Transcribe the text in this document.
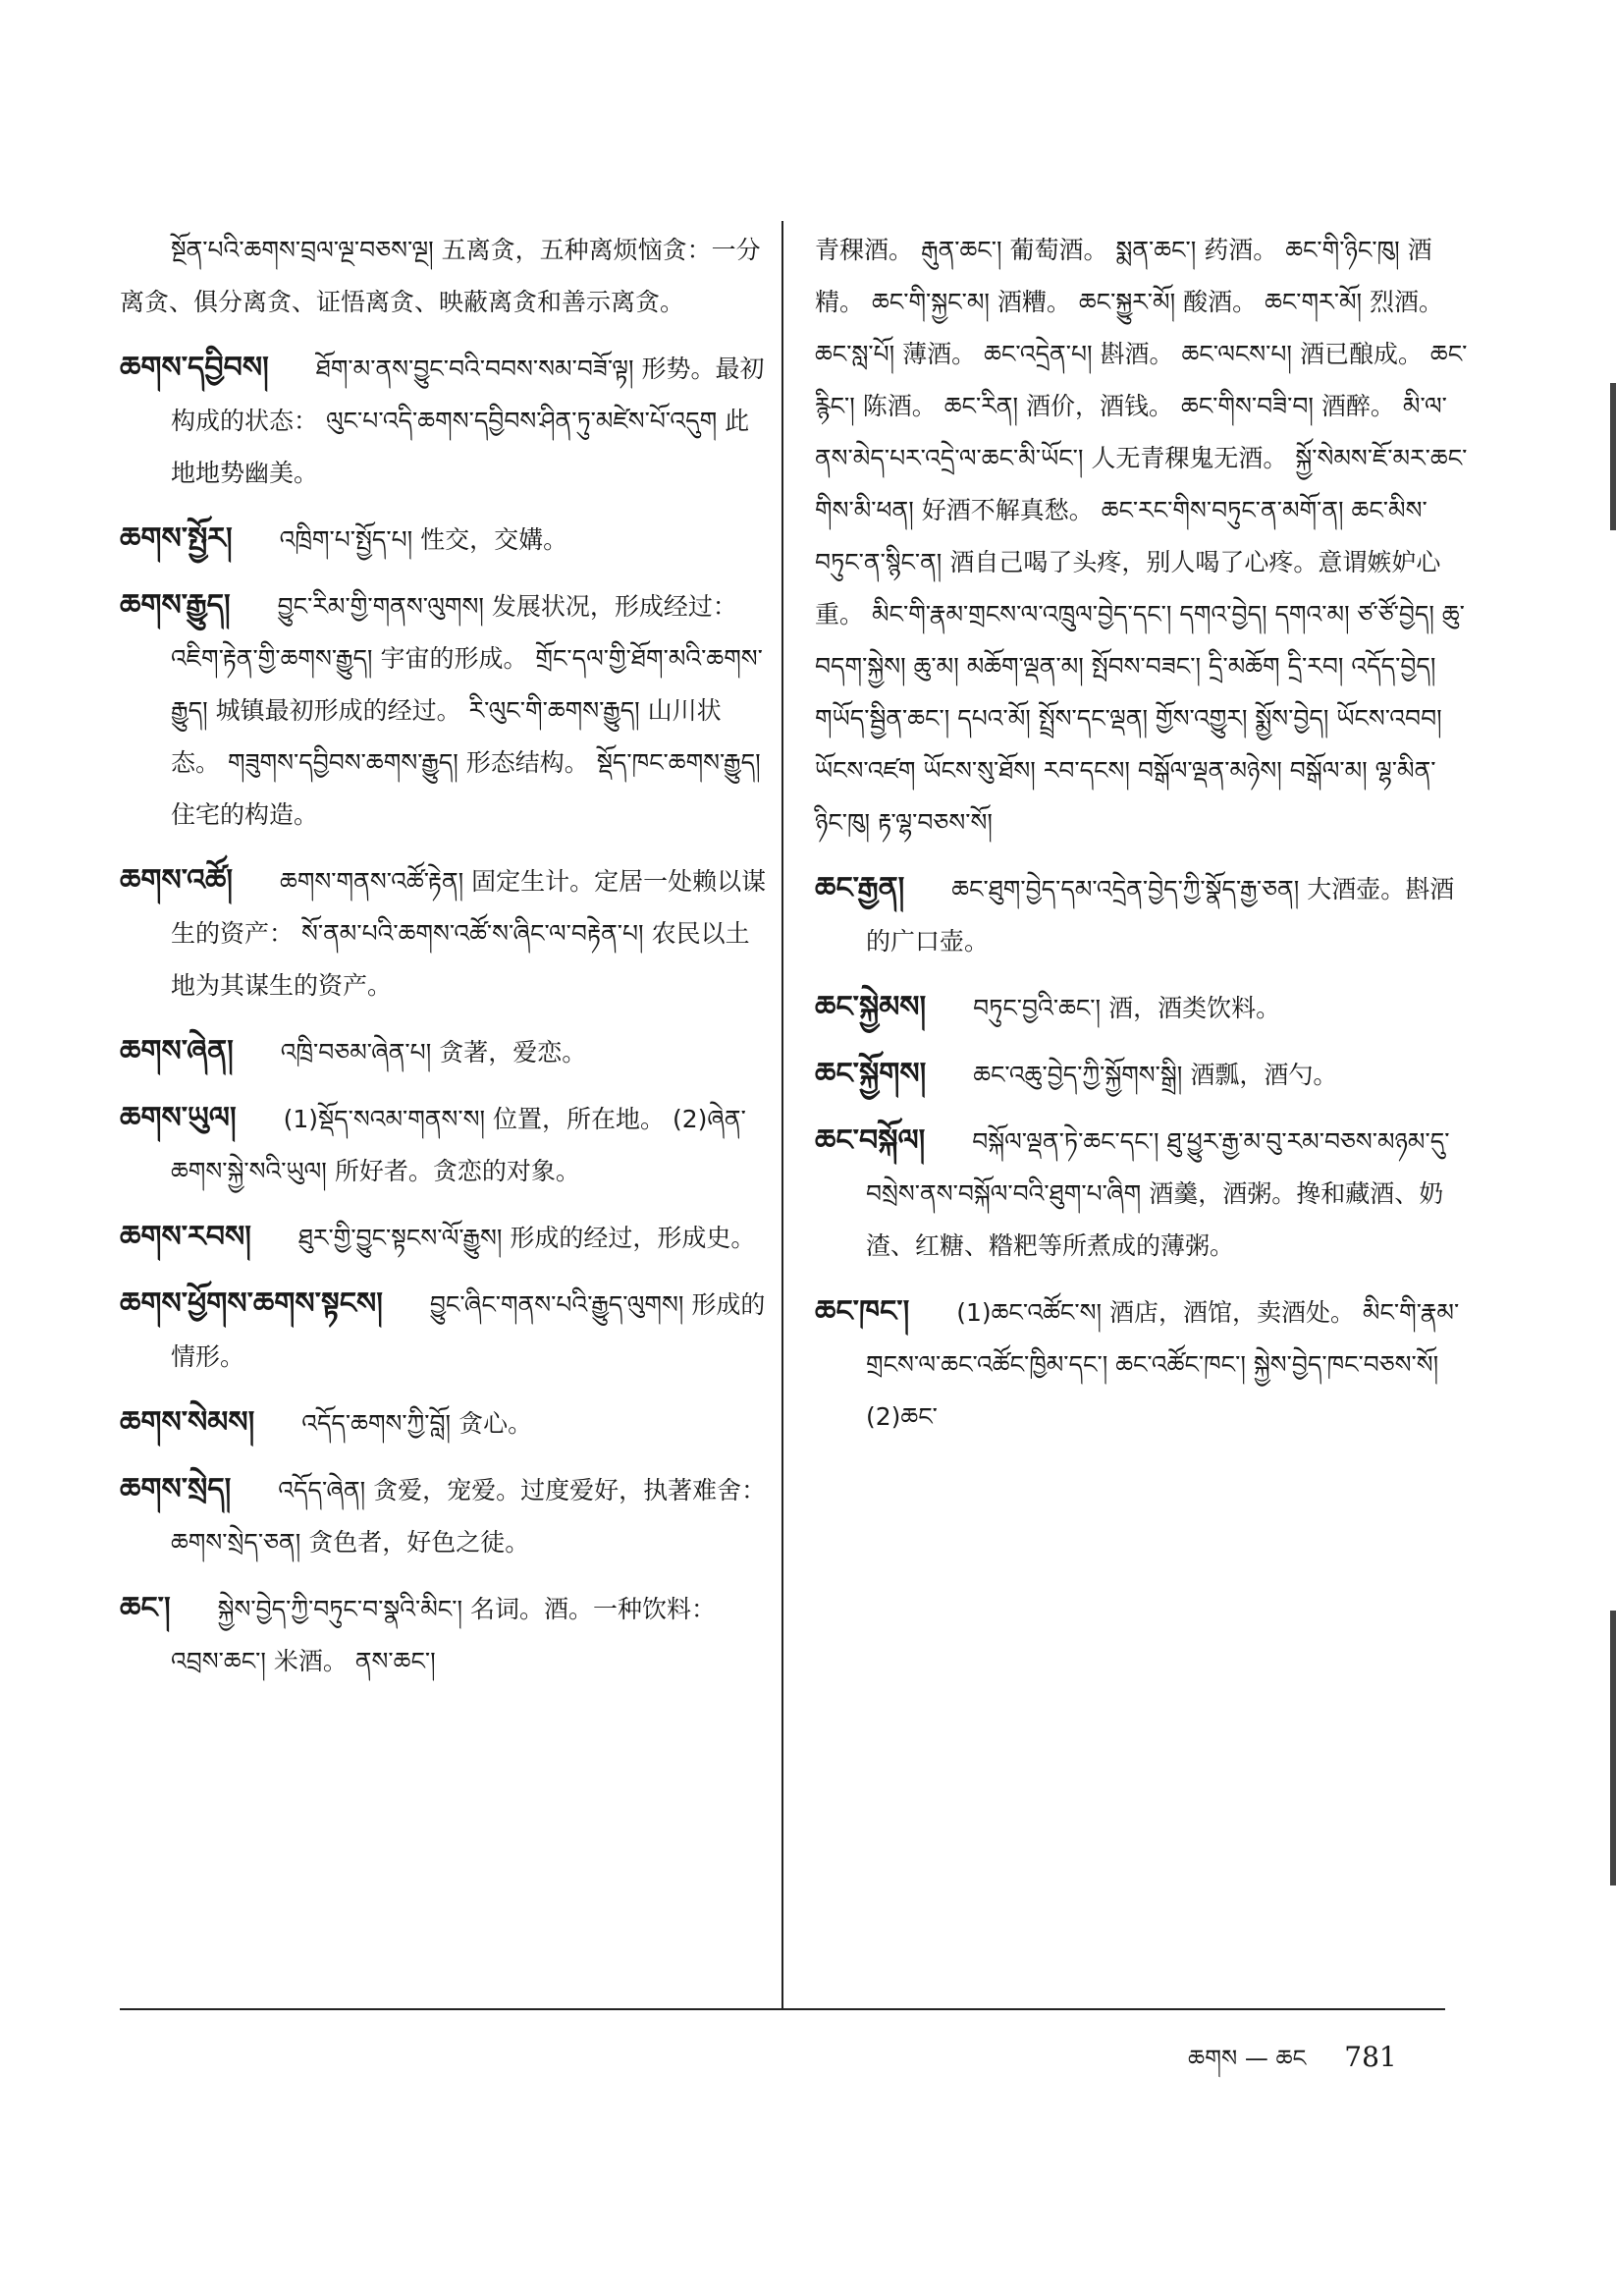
སྔོན་པའི་ཆགས་བྲལ་ལྔ་བཅས་ལྔ། 五离贪，五种离烦恼贪：一分离贪、俱分离贪、证悟离贪、映蔽离贪和善示离贪。
ཆགས་དབྱིབས། ཐོག་མ་ནས་བྱུང་བའི་བབས་སམ་བཟོ་ལྟ། 形势。最初构成的状态： ལུང་པ་འདི་ཆགས་དབྱིབས་ཤིན་ཏུ་མཛེས་པོ་འདུག 此地地势幽美。
ཆགས་སྤྱོར། འཁྲིག་པ་སྤྱོད་པ། 性交，交媾。
ཆགས་རྒྱུད། བྱུང་རིམ་གྱི་གནས་ལུགས། 发展状况，形成经过： འཇིག་རྟེན་གྱི་ཆགས་རྒྱུད། 宇宙的形成。 གྲོང་དལ་གྱི་ཐོག་མའི་ཆགས་རྒྱུད། 城镇最初形成的经过。 རི་ལུང་གི་ཆགས་རྒྱུད། 山川状态。 གཟུགས་དབྱིབས་ཆགས་རྒྱུད། 形态结构。 སྡོད་ཁང་ཆགས་རྒྱུད། 住宅的构造。
ཆགས་འཚོ། ཆགས་གནས་འཚོ་རྟེན། 固定生计。定居一处赖以谋生的资产： སོ་ནམ་པའི་ཆགས་འཚོ་ས་ཞིང་ལ་བརྟེན་པ། 农民以土地为其谋生的资产。
ཆགས་ཞེན། འཁྲི་བཅམ་ཞེན་པ། 贪著，爱恋。
ཆགས་ཡུལ། (1)སྡོད་སའམ་གནས་ས། 位置，所在地。 (2)ཞེན་ཆགས་སྐྱེ་སའི་ཡུལ། 所好者。贪恋的对象。
ཆགས་རབས། ཐུར་གྱི་བྱུང་སྟངས་ལོ་རྒྱུས། 形成的经过，形成史。
ཆགས་ཕྱོགས་ཆགས་སྟངས། བྱུང་ཞིང་གནས་པའི་རྒྱུད་ལུགས། 形成的情形。
ཆགས་སེམས། འདོད་ཆགས་ཀྱི་བློ། 贪心。
ཆགས་སྲེད། འདོད་ཞེན། 贪爱，宠爱。过度爱好，执著难舍： ཆགས་སྲེད་ཅན། 贪色者，好色之徒。
ཆང་། སྐྱེས་བྱེད་ཀྱི་བཏུང་བ་སྣའི་མིང་། 名词。酒。一种饮料： འབྲས་ཆང་། 米酒。 ནས་ཆང་།
青稞酒。 རྒུན་ཆང་། 葡萄酒。 སྨན་ཆང་། 药酒。 ཆང་གི་ཉིང་ཁུ། 酒精。 ཆང་གི་སྐྱང་མ། 酒糟。 ཆང་སྐྱུར་མོ། 酸酒。 ཆང་གར་མོ། 烈酒。 ཆང་སླ་པོ། 薄酒。 ཆང་འདྲེན་པ། 斟酒。 ཆང་ལངས་པ། 酒已酿成。 ཆང་རྙིང་། 陈酒。 ཆང་རིན། 酒价，酒钱。 ཆང་གིས་བཟི་བ། 酒醉。 མི་ལ་ནས་མེད་པར་འདྲེ་ལ་ཆང་མི་ཡོང་། 人无青稞鬼无酒。 སྐྱོ་སེམས་ཇོ་མར་ཆང་གིས་མི་ཕན། 好酒不解真愁。 ཆང་རང་གིས་བཏུང་ན་མགོ་ན། ཆང་མིས་བཏུང་ན་སྙིང་ན། 酒自己喝了头疼，别人喝了心疼。意谓嫉妒心重。 མིང་གི་རྣམ་གྲངས་ལ་འཁྲུལ་བྱེད་དང་། དགའ་བྱེད། དགའ་མ། ཙ་ཙོ་བྱེད། ཆུ་བདག་སྐྱེས། ཆུ་མ། མཆོག་ལྡན་མ། སྤོབས་བཟང་། དྲི་མཆོག དྲི་རབ། འདོད་བྱེད། གཡོད་སྦྱིན་ཆང་། དཔའ་མོ། སྤྲོས་དང་ལྡན། གྱོས་འགྱུར། སྨྱོས་བྱེད། ཡོངས་འབབ། ཡོངས་འཛག ཡོངས་སུ་ཐོས། རབ་དངས། བསྒོལ་ལྡན་མཉེས། བསྒོལ་མ། ལྷ་མིན་ཉིང་ཁུ། རྟ་ལྷ་བཅས་སོ།
ཆང་རྒྱན། ཆང་ཐུག་བྱེད་དམ་འདྲེན་བྱེད་ཀྱི་སྣོད་རྒྱ་ཅན། 大酒壶。斟酒的广口壶。
ཆང་སྐྱེམས། བཏུང་བྱའི་ཆང་། 酒，酒类饮料。
ཆང་སྐྱོགས། ཆང་འཆུ་བྱེད་ཀྱི་སྐྱོགས་སྒྲི། 酒瓢，酒勺。
ཆང་བསྐོལ། བསྐོལ་ལྡན་ཏེ་ཆང་དང་། ཐུ་ཕྱུར་རྒྱ་མ་བུ་རམ་བཅས་མཉམ་དུ་བསྲེས་ནས་བསྐོལ་བའི་ཐུག་པ་ཞིག 酒羹，酒粥。搀和藏酒、奶渣、红糖、糌粑等所煮成的薄粥。
ཆང་ཁང་། (1)ཆང་འཚོང་ས། 酒店，酒馆，卖酒处。 མིང་གི་རྣམ་གྲངས་ལ་ཆང་འཚོང་ཁྱིམ་དང་། ཆང་འཚོང་ཁང་། སྐྱེས་བྱེད་ཁང་བཅས་སོ། (2)ཆང་
ཆགས — ཆང 781
